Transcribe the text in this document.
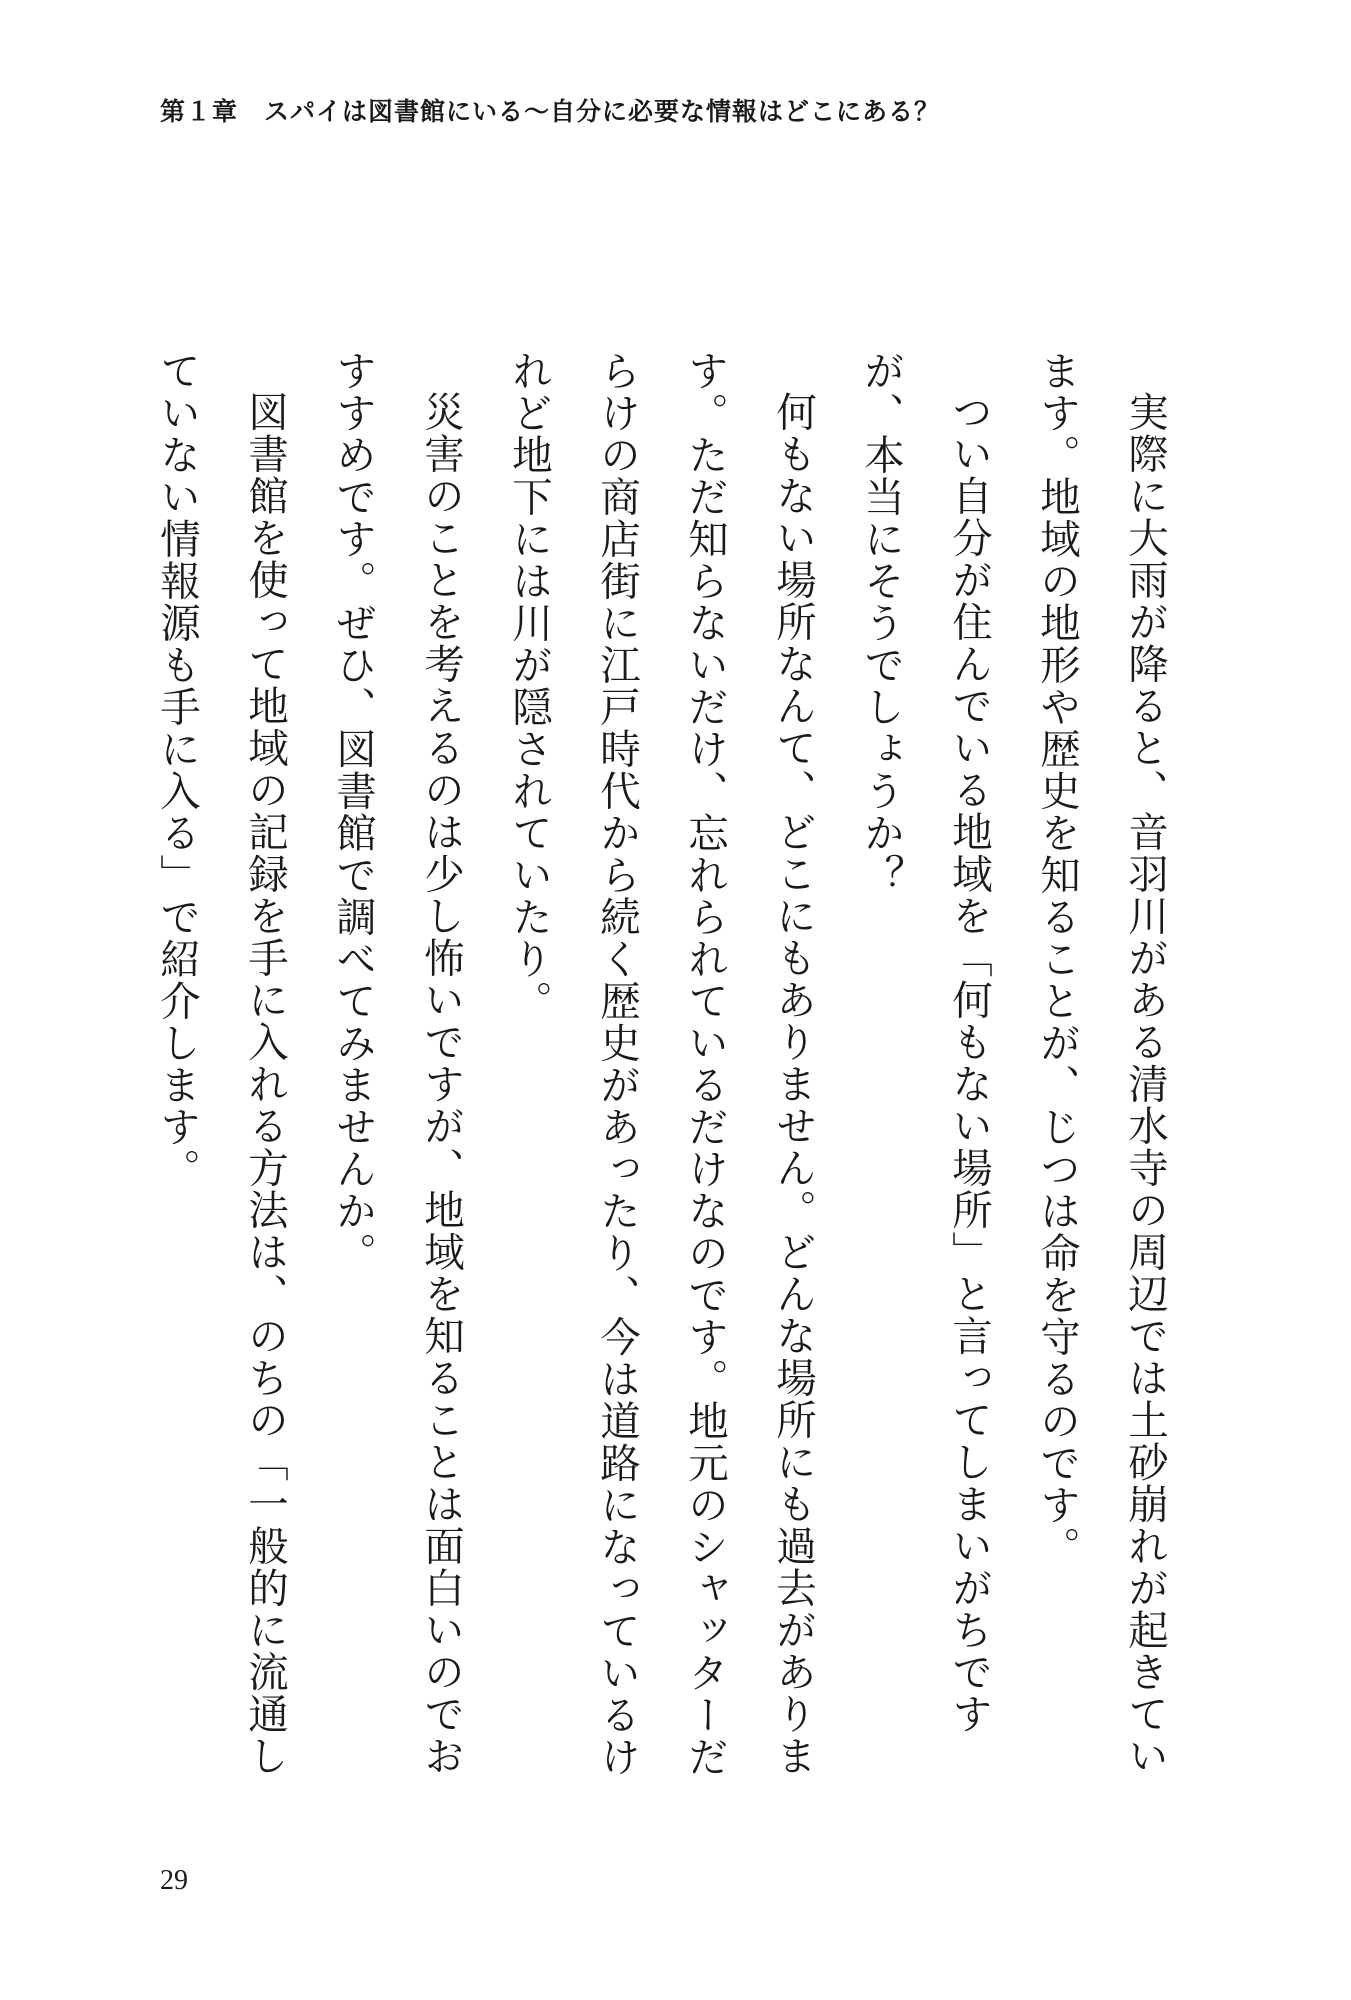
第１章　スパイは図書館にいる〜自分に必要な情報はどこにある？

実際に大雨が降ると、音羽川がある清水寺の周辺では土砂崩れが起きています。地域の地形や歴史を知ることが、じつは命を守るのです。

つい自分が住んでいる地域を「何もない場所」と言ってしまいがちですが、本当にそうでしょうか？

何もない場所なんて、どこにもありません。どんな場所にも過去があります。ただ知らないだけ、忘れられているだけなのです。地元のシャッターだらけの商店街に江戸時代から続く歴史があったり、今は道路になっているけれど地下には川が隠されていたり。

災害のことを考えるのは少し怖いですが、地域を知ることは面白いのでおすすめです。ぜひ、図書館で調べてみませんか。

図書館を使って地域の記録を手に入れる方法は、のちの「一般的に流通していない情報源も手に入る」で紹介します。

29
